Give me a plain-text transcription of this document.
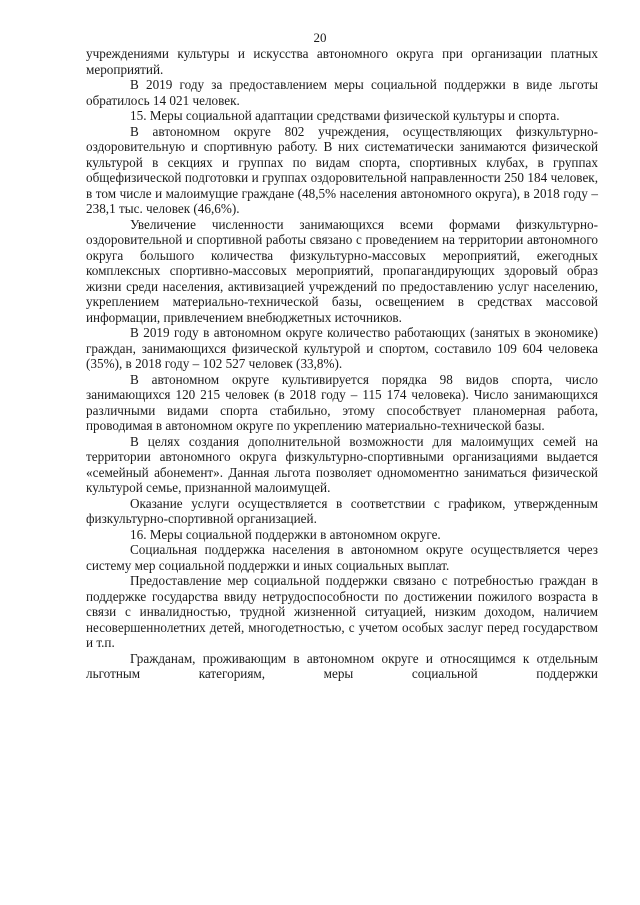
20

учреждениями культуры и искусства автономного округа при организации платных мероприятий.

В 2019 году за предоставлением меры социальной поддержки в виде льготы обратилось 14 021 человек.

15. Меры социальной адаптации средствами физической культуры и спорта.

В автономном округе 802 учреждения, осуществляющих физкультурно-оздоровительную и спортивную работу. В них систематически занимаются физической культурой в секциях и группах по видам спорта, спортивных клубах, в группах общефизической подготовки и группах оздоровительной направленности 250 184 человек, в том числе и малоимущие граждане (48,5% населения автономного округа), в 2018 году – 238,1 тыс. человек (46,6%).

Увеличение численности занимающихся всеми формами физкультурно-оздоровительной и спортивной работы связано с проведением на территории автономного округа большого количества физкультурно-массовых мероприятий, ежегодных комплексных спортивно-массовых мероприятий, пропагандирующих здоровый образ жизни среди населения, активизацией учреждений по предоставлению услуг населению, укреплением материально-технической базы, освещением в средствах массовой информации, привлечением внебюджетных источников.

В 2019 году в автономном округе количество работающих (занятых в экономике) граждан, занимающихся физической культурой и спортом, составило 109 604 человека (35%), в 2018 году – 102 527 человек (33,8%).

В автономном округе культивируется порядка 98 видов спорта, число занимающихся 120 215 человек (в 2018 году – 115 174 человека). Число занимающихся различными видами спорта стабильно, этому способствует планомерная работа, проводимая в автономном округе по укреплению материально-технической базы.

В целях создания дополнительной возможности для малоимущих семей на территории автономного округа физкультурно-спортивными организациями выдается «семейный абонемент». Данная льгота позволяет одномоментно заниматься физической культурой семье, признанной малоимущей.

Оказание услуги осуществляется в соответствии с графиком, утвержденным физкультурно-спортивной организацией.

16. Меры социальной поддержки в автономном округе.

Социальная поддержка населения в автономном округе осуществляется через систему мер социальной поддержки и иных социальных выплат.

Предоставление мер социальной поддержки связано с потребностью граждан в поддержке государства ввиду нетрудоспособности по достижении пожилого возраста в связи с инвалидностью, трудной жизненной ситуацией, низким доходом, наличием несовершеннолетних детей, многодетностью, с учетом особых заслуг перед государством и т.п.

Гражданам, проживающим в автономном округе и относящимся к отдельным льготным категориям, меры социальной поддержки
